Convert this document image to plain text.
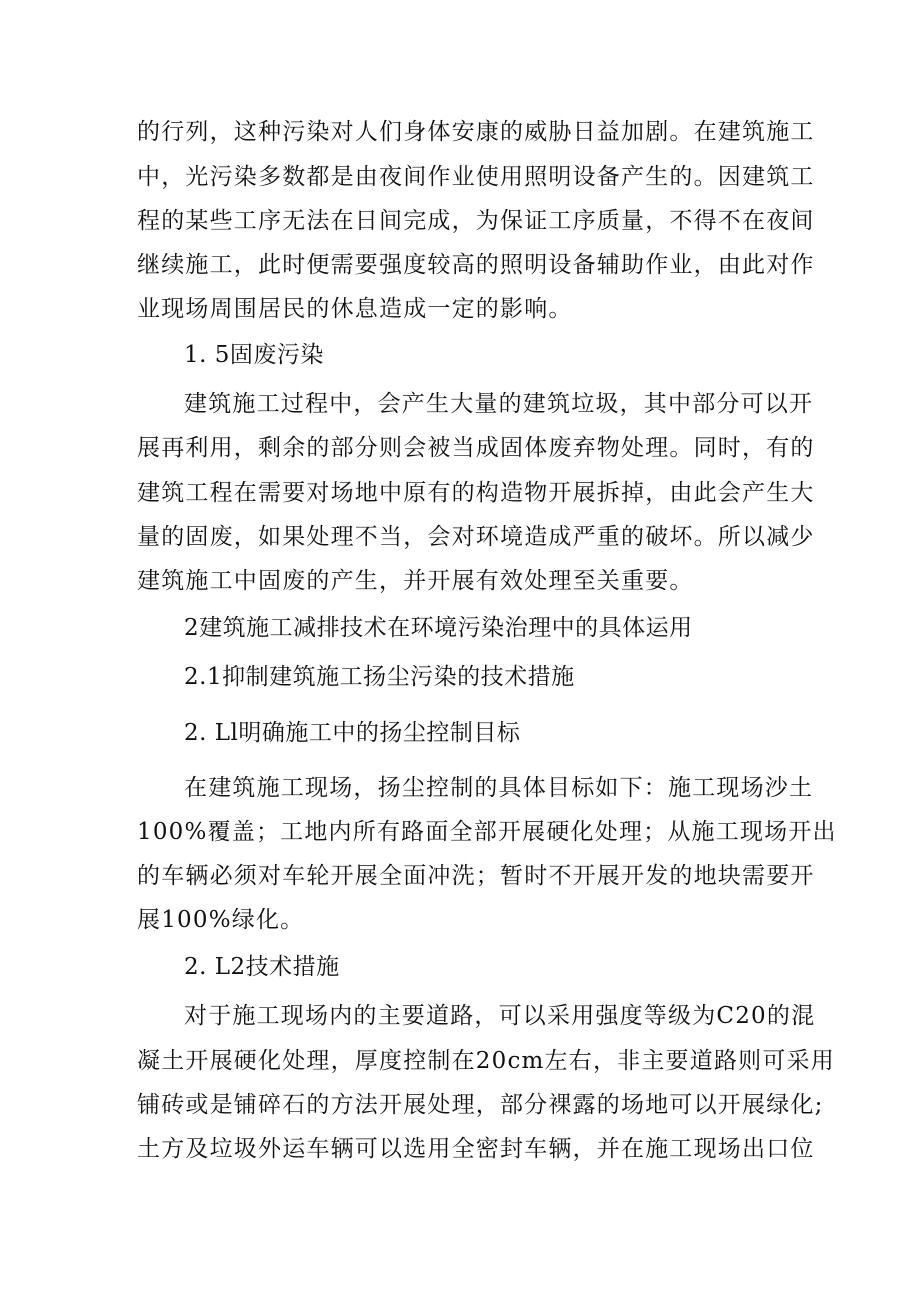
的行列，这种污染对人们身体安康的威胁日益加剧。在建筑施工

中，光污染多数都是由夜间作业使用照明设备产生的。因建筑工

程的某些工序无法在日间完成，为保证工序质量，不得不在夜间

继续施工，此时便需要强度较高的照明设备辅助作业，由此对作

业现场周围居民的休息造成一定的影响。

1. 5固废污染

建筑施工过程中，会产生大量的建筑垃圾，其中部分可以开

展再利用，剩余的部分则会被当成固体废弃物处理。同时，有的

建筑工程在需要对场地中原有的构造物开展拆掉，由此会产生大

量的固废，如果处理不当，会对环境造成严重的破坏。所以减少

建筑施工中固废的产生，并开展有效处理至关重要。

2建筑施工减排技术在环境污染治理中的具体运用

2.1抑制建筑施工扬尘污染的技术措施

2. Ll明确施工中的扬尘控制目标

在建筑施工现场，扬尘控制的具体目标如下：施工现场沙土

100%覆盖；工地内所有路面全部开展硬化处理；从施工现场开出

的车辆必须对车轮开展全面冲洗；暂时不开展开发的地块需要开

展100%绿化。

2. L2技术措施

对于施工现场内的主要道路，可以采用强度等级为C20的混

凝土开展硬化处理，厚度控制在20cm左右，非主要道路则可采用

铺砖或是铺碎石的方法开展处理，部分裸露的场地可以开展绿化;

土方及垃圾外运车辆可以选用全密封车辆，并在施工现场出口位
